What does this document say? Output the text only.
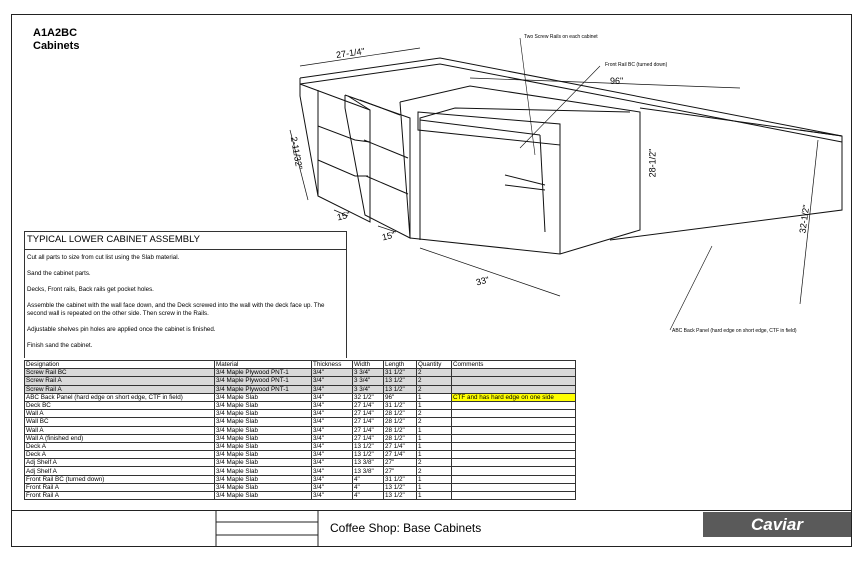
A1A2BC
Cabinets
Two Screw Rails on each cabinet
Front Rail BC (turned down)
ABC Back Panel (hard edge on short edge, CTF in field)
27-1/4"
96"
2-11/32"	28-1/2"
32-1/2"
15"
15"
33"
TYPICAL LOWER CABINET ASSEMBLY

Cut all parts to size from cut list using the Slab material.

Sand the cabinet parts.

Decks, Front rails, Back rails get pocket holes.

Assemble the cabinet with the wall face down, and the Deck screwed into the wall with the deck face up. The second wall is repeated on the other side. Then screw in the Rails.

Adjustable shelves pin holes are applied once the cabinet is finished.

Finish sand the cabinet.

Designation	Material	Thickness	Width	Length	Quantity	Comments
Screw Rail BC	3/4 Maple Plywood PNT-1	3/4"	3 3/4"	31 1/2"	2	
Screw Rail A	3/4 Maple Plywood PNT-1	3/4"	3 3/4"	13 1/2"	2	
Screw Rail A	3/4 Maple Plywood PNT-1	3/4"	3 3/4"	13 1/2"	2	
ABC Back Panel (hard edge on short edge, CTF in field)	3/4 Maple Slab	3/4"	32 1/2"	96"	1	CTF and has hard edge on one side
Deck BC	3/4 Maple Slab	3/4"	27 1/4"	31 1/2"	1	
Wall A	3/4 Maple Slab	3/4"	27 1/4"	28 1/2"	2	
Wall BC	3/4 Maple Slab	3/4"	27 1/4"	28 1/2"	2	
Wall A	3/4 Maple Slab	3/4"	27 1/4"	28 1/2"	1	
Wall A (finished end)	3/4 Maple Slab	3/4"	27 1/4"	28 1/2"	1	
Deck A	3/4 Maple Slab	3/4"	13 1/2"	27 1/4"	1	
Deck A	3/4 Maple Slab	3/4"	13 1/2"	27 1/4"	1	
Adj Shelf A	3/4 Maple Slab	3/4"	13 3/8"	27"	2	
Adj Shelf A	3/4 Maple Slab	3/4"	13 3/8"	27"	2	
Front Rail BC (turned down)	3/4 Maple Slab	3/4"	4"	31 1/2"	1	
Front Rail A	3/4 Maple Slab	3/4"	4"	13 1/2"	1	
Front Rail A	3/4 Maple Slab	3/4"	4"	13 1/2"	1	
Coffee Shop: Base Cabinets	Caviar
